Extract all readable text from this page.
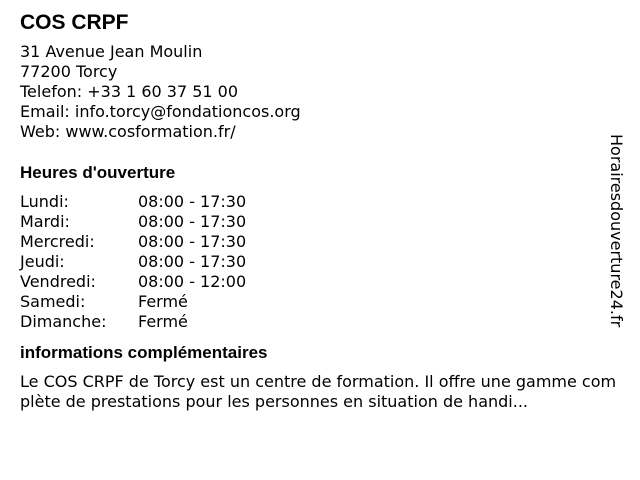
COS CRPF
31 Avenue Jean Moulin
77200 Torcy
Telefon: +33 1 60 37 51 00
Email: info.torcy@fondationcos.org
Web: www.cosformation.fr/
Heures d'ouverture
Lundi:	08:00 - 17:30
Mardi:	08:00 - 17:30
Mercredi:	08:00 - 17:30
Jeudi:	08:00 - 17:30
Vendredi:	08:00 - 12:00
Samedi:	Fermé
Dimanche:	Fermé
informations complémentaires
Le COS CRPF de Torcy est un centre de formation. Il offre une gamme complète de prestations pour les personnes en situation de handi...
Horairesdouverture24.fr
